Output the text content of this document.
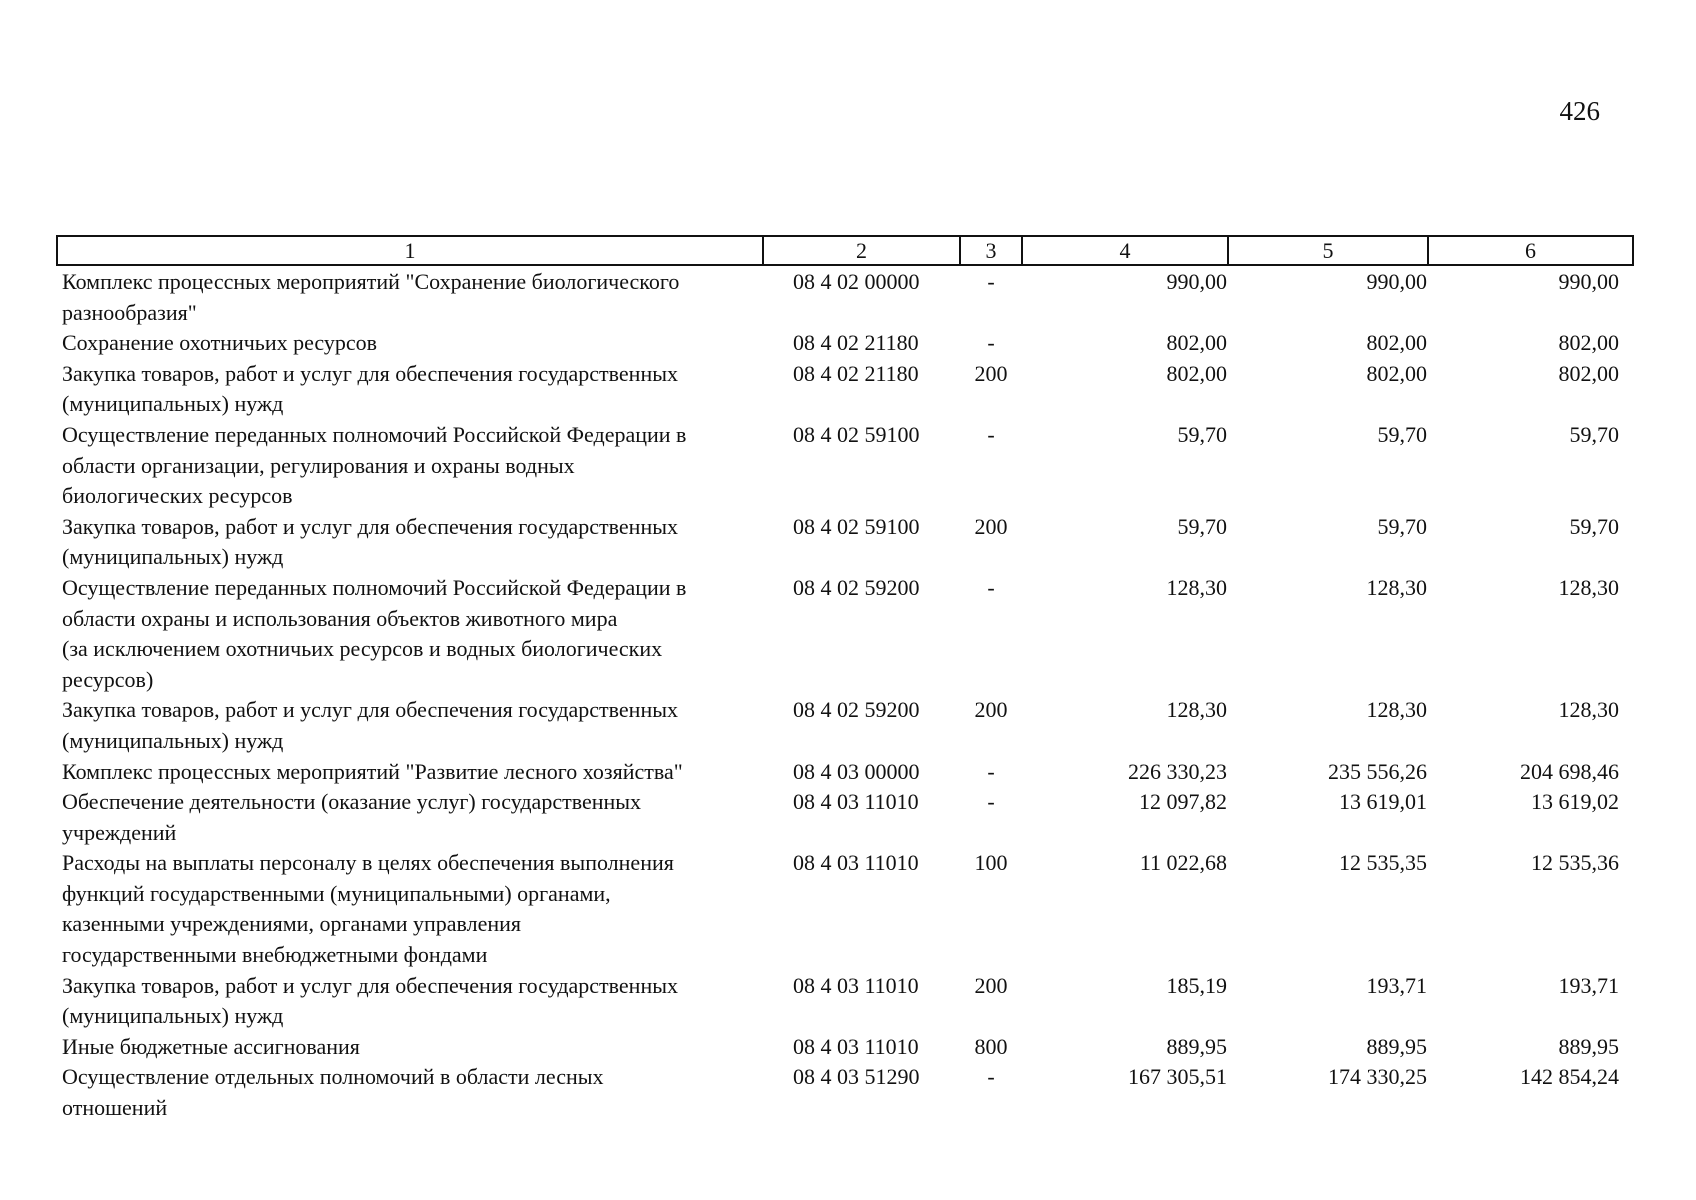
426
1	2	3	4	5	6

Комплекс процессных мероприятий "Сохранение биологического
разнообразия"	08 4 02 00000	-	990,00	990,00	990,00

Сохранение охотничьих ресурсов	08 4 02 21180	-	802,00	802,00	802,00

Закупка товаров, работ и услуг для обеспечения государственных
(муниципальных) нужд	08 4 02 21180	200	802,00	802,00	802,00

Осуществление переданных полномочий Российской Федерации в
области организации, регулирования и охраны водных
биологических ресурсов	08 4 02 59100	-	59,70	59,70	59,70

Закупка товаров, работ и услуг для обеспечения государственных
(муниципальных) нужд	08 4 02 59100	200	59,70	59,70	59,70

Осуществление переданных полномочий Российской Федерации в
области охраны и использования объектов животного мира
(за исключением охотничьих ресурсов и водных биологических
ресурсов)	08 4 02 59200	-	128,30	128,30	128,30

Закупка товаров, работ и услуг для обеспечения государственных
(муниципальных) нужд	08 4 02 59200	200	128,30	128,30	128,30

Комплекс процессных мероприятий "Развитие лесного хозяйства"	08 4 03 00000	-	226 330,23	235 556,26	204 698,46

Обеспечение деятельности (оказание услуг) государственных
учреждений	08 4 03 11010	-	12 097,82	13 619,01	13 619,02

Расходы на выплаты персоналу в целях обеспечения выполнения
функций государственными (муниципальными) органами,
казенными учреждениями, органами управления
государственными внебюджетными фондами	08 4 03 11010	100	11 022,68	12 535,35	12 535,36

Закупка товаров, работ и услуг для обеспечения государственных
(муниципальных) нужд	08 4 03 11010	200	185,19	193,71	193,71

Иные бюджетные ассигнования	08 4 03 11010	800	889,95	889,95	889,95

Осуществление отдельных полномочий в области лесных
отношений	08 4 03 51290	-	167 305,51	174 330,25	142 854,24
